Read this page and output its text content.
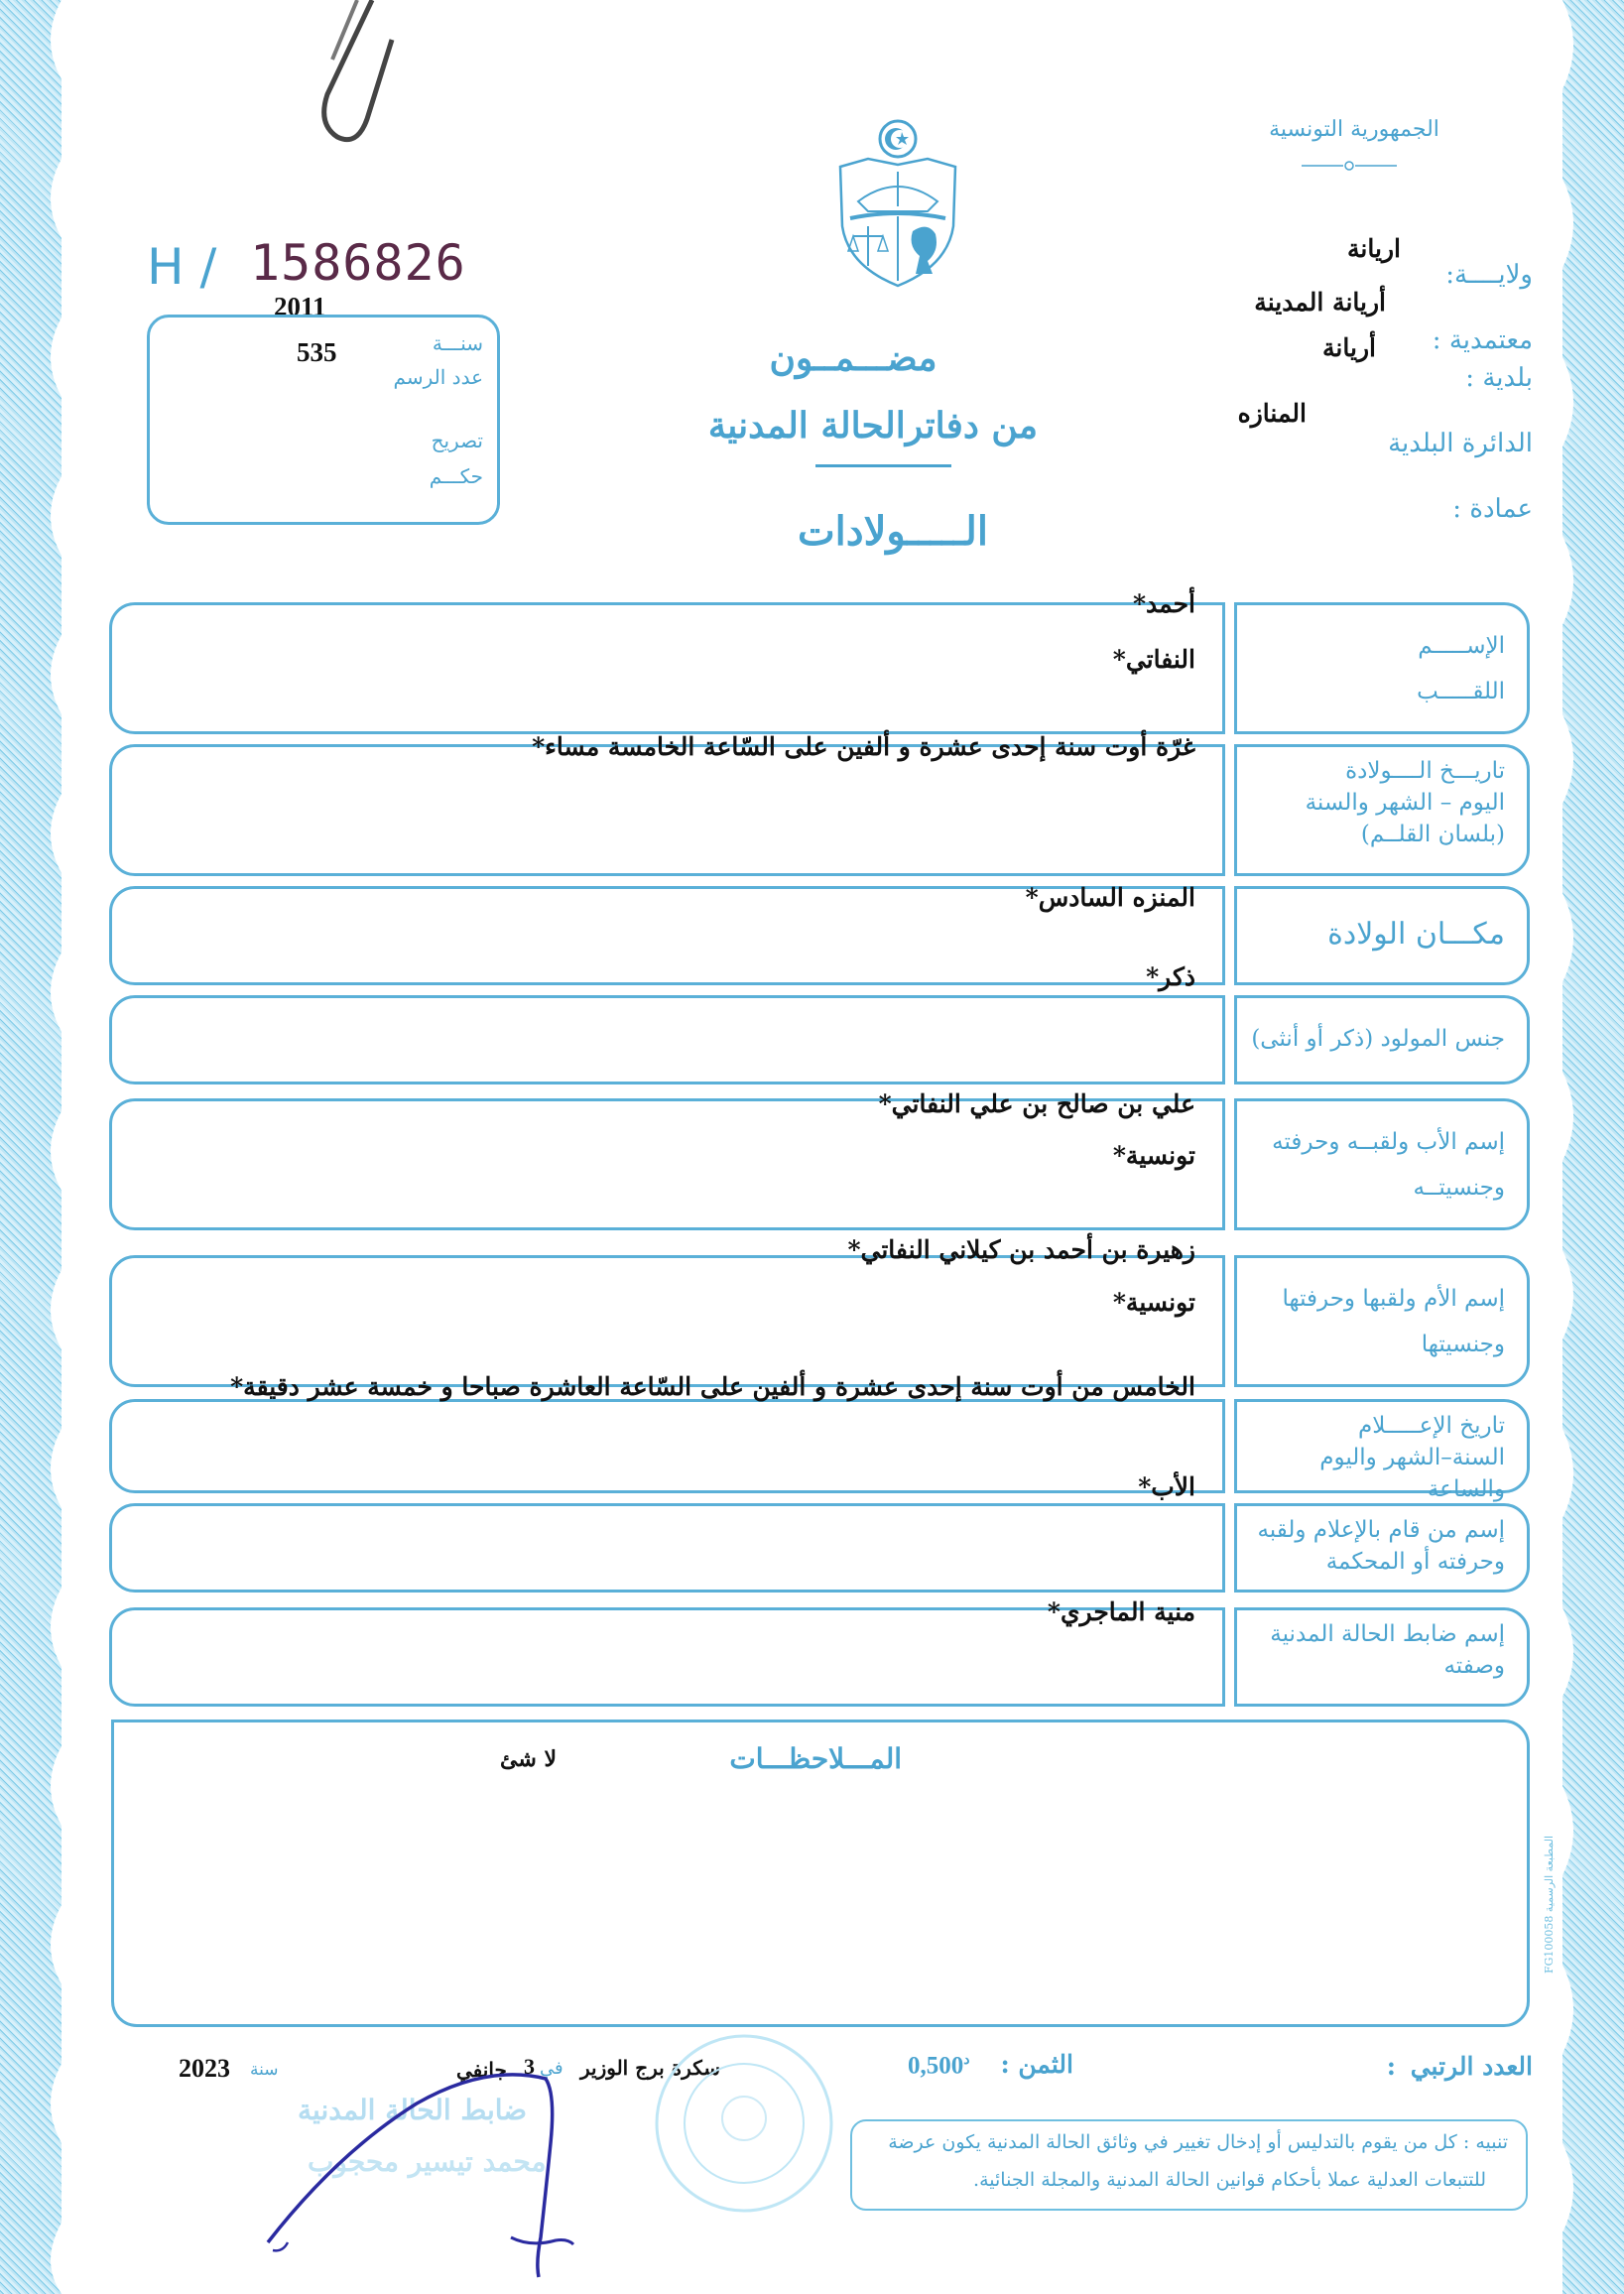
الجمهورية التونسية
H / 1586826
2011
535	سنـــة
عدد الرسم
تصريح
حكـــم
ولايــــة:
اريانة
أريانة المدينة
معتمدية :
أريانة
بلدية :
المنازه
الدائرة البلدية
عمادة :
مضـــمــون
من دفاترالحالة المدنية
الـــــولادات
الإســـــم
اللقـــــب
أحمد*
النفاتي*
تاريـــخ الــــولادة
اليوم – الشهر والسنة
(بلسان القلــم)
غرّة أوت سنة إحدى عشرة و ألفين على السّاعة الخامسة مساء*
مكـــان الولادة
المنزه السادس*
جنس المولود (ذكر أو أنثى)
ذكر*
إسم الأب ولقبــه وحرفته
وجنسيتــه
علي بن صالح بن علي النفاتي*
تونسية*
إسم الأم ولقبها وحرفتها
وجنسيتها
زهيرة بن أحمد بن كيلاني النفاتي*
تونسية*
تاريخ الإعـــــلام
السنة–الشهر واليوم والساعة
الخامس من أوت سنة إحدى عشرة و ألفين على السّاعة العاشرة صباحا و خمسة عشر دقيقة*
إسم من قام بالإعلام ولقبه
وحرفته أو المحكمة
الأب*
إسم ضابط الحالة المدنية
وصفته
منية الماجري*
المـــلاحظـــات
لا شئ
المطبعة الرسمية FG100058
العدد الرتبي
:
الثمن :
$^د$0,500
سكرة برج الوزير
في
3
جانفي
سنة
2023
ضابط الحالة المدنية
محمد تيسير محجوب
تنبيه : كل من يقوم بالتدليس أو إدخال تغيير في وثائق الحالة المدنية يكون عرضة
للتتبعات العدلية عملا بأحكام قوانين الحالة المدنية والمجلة الجنائية.
